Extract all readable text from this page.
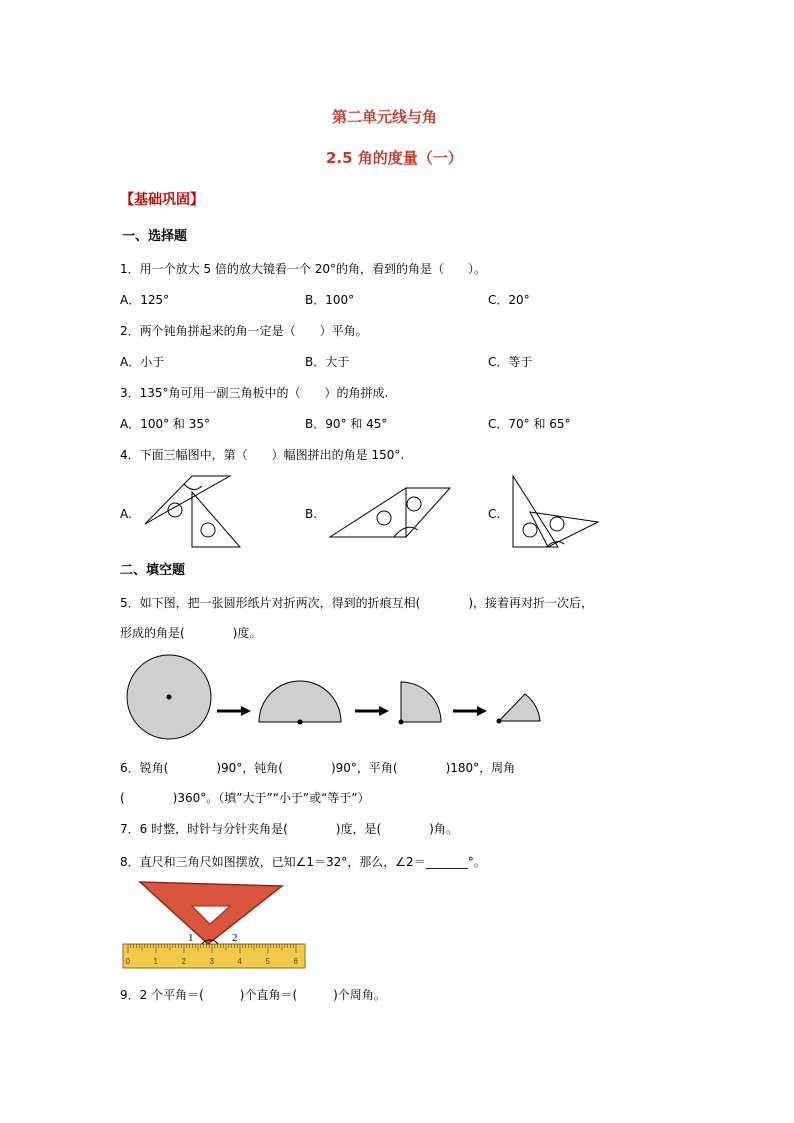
第二单元线与角
2.5 角的度量（一）
【基础巩固】
一、选择题
1．用一个放大 5 倍的放大镜看一个 20°的角，看到的角是（　　）。
A．125°	B．100°	C．20°
2．两个钝角拼起来的角一定是（　　）平角。
A．小于	B．大于	C．等于
3．135°角可用一副三角板中的（　　）的角拼成.
A．100° 和 35°	B．90° 和 45°	C．70° 和 65°
4．下面三幅图中，第（　　）幅图拼出的角是 150°.
A.	B.	C.
二、填空题
5．如下图，把一张圆形纸片对折两次，得到的折痕互相(　　　　)，接着再对折一次后，
形成的角是(　　　　)度。
6．锐角(　　　　)90°，钝角(　　　　)90°，平角(　　　　)180°，周角
(　　　　)360°。（填”大于”“小于”或“等于”）
7．6 时整，时针与分针夹角是(　　　　)度，是(　　　　)角。
8．直尺和三角尺如图摆放，已知∠1＝32°，那么，∠2＝_______°。
0	1	2	3	4	5	6
1	2
9．2 个平角＝(　　　)个直角＝(　　　)个周角。
